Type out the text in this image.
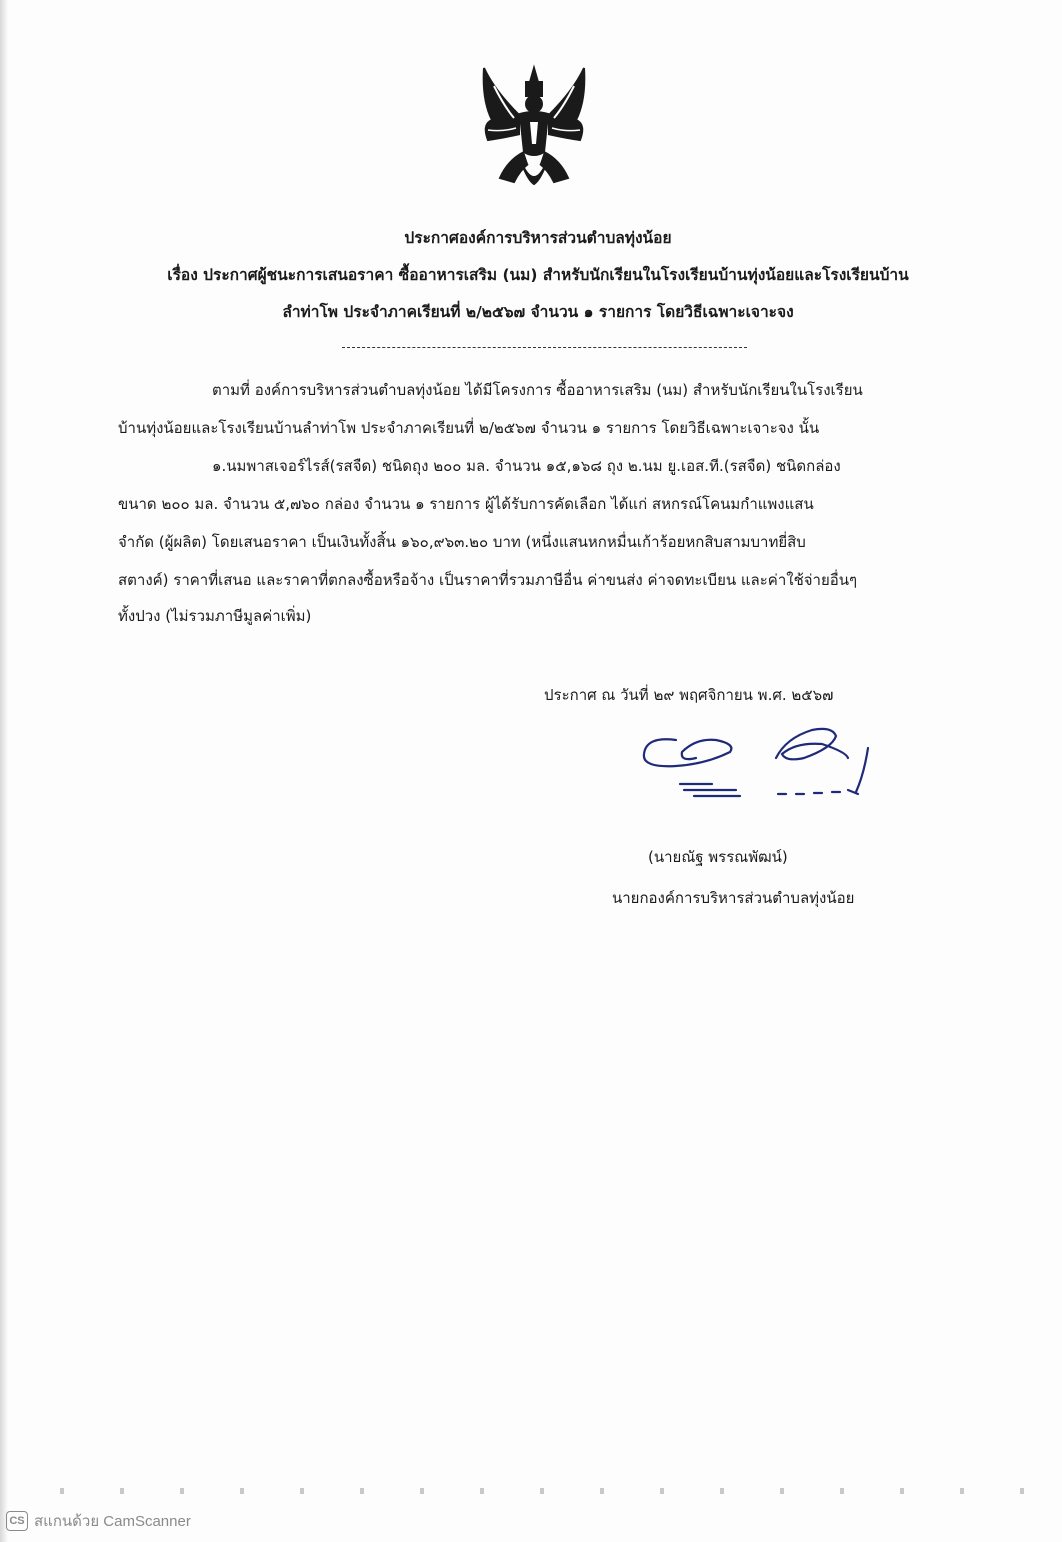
ประกาศองค์การบริหารส่วนตำบลทุ่งน้อย
เรื่อง ประกาศผู้ชนะการเสนอราคา ซื้ออาหารเสริม (นม) สำหรับนักเรียนในโรงเรียนบ้านทุ่งน้อยและโรงเรียนบ้าน
ลำท่าโพ ประจำภาคเรียนที่ ๒/๒๕๖๗ จำนวน ๑ รายการ โดยวิธีเฉพาะเจาะจง
ตามที่ องค์การบริหารส่วนตำบลทุ่งน้อย ได้มีโครงการ ซื้ออาหารเสริม (นม) สำหรับนักเรียนในโรงเรียน
บ้านทุ่งน้อยและโรงเรียนบ้านลำท่าโพ ประจำภาคเรียนที่ ๒/๒๕๖๗ จำนวน ๑ รายการ โดยวิธีเฉพาะเจาะจง นั้น
๑.นมพาสเจอร์ไรส์(รสจืด) ชนิดถุง ๒๐๐ มล. จำนวน ๑๕,๑๖๘ ถุง ๒.นม ยู.เอส.ที.(รสจืด) ชนิดกล่อง
ขนาด ๒๐๐ มล. จำนวน ๕,๗๖๐ กล่อง จำนวน ๑ รายการ ผู้ได้รับการคัดเลือก ได้แก่ สหกรณ์โคนมกำแพงแสน
จำกัด (ผู้ผลิต) โดยเสนอราคา เป็นเงินทั้งสิ้น ๑๖๐,๙๖๓.๒๐ บาท (หนึ่งแสนหกหมื่นเก้าร้อยหกสิบสามบาทยี่สิบ
สตางค์) ราคาที่เสนอ และราคาที่ตกลงซื้อหรือจ้าง เป็นราคาที่รวมภาษีอื่น ค่าขนส่ง ค่าจดทะเบียน และค่าใช้จ่ายอื่นๆ
ทั้งปวง (ไม่รวมภาษีมูลค่าเพิ่ม)
ประกาศ ณ วันที่ ๒๙ พฤศจิกายน พ.ศ. ๒๕๖๗
(นายณัฐ พรรณพัฒน์)
นายกองค์การบริหารส่วนตำบลทุ่งน้อย
CS สแกนด้วย CamScanner
